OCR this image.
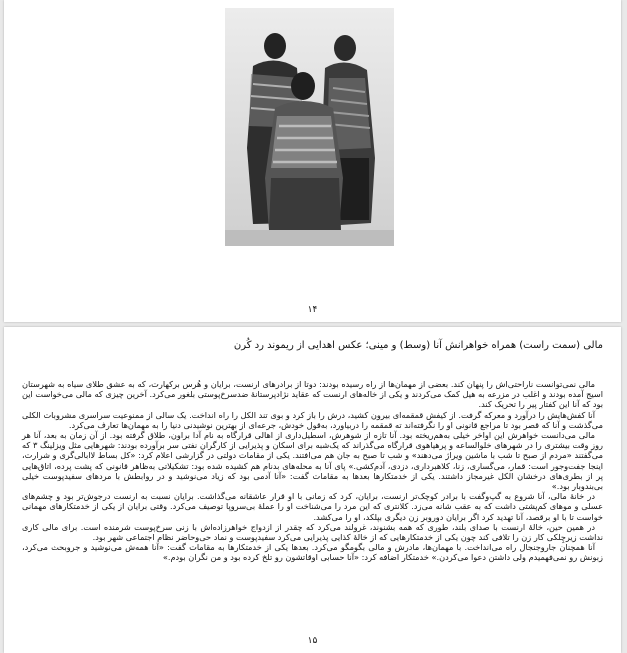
۱۴
مالی (سمت راست) همراه خواهرانش آنا (وسط) و مینی؛ عکس اهدایی از ریموند رد کُرن

مالی نمی‌توانست ناراحتی‌اش را پنهان کند. بعضی از مهمان‌ها از راه رسیده بودند: دوتا از برادرهای ارنست، برایان و هُرس برکهارت، که به عشق طلای سیاه به شهرستان اسیج آمده بودند و اغلب در مزرعه به هیل کمک می‌کردند و یکی از خاله‌های ارنست که عقاید نژادپرستانهٔ ضدسرخ‌پوستی بلغور می‌کرد. آخرین چیزی که مالی می‌خواست این بود که آنا این کفتار پیر را تحریک کند.

آنا کفش‌هایش را درآورد و معرکه گرفت. از کیفش قمقمه‌ای بیرون کشید، درش را باز کرد و بوی تند الکل را راه انداخت. یک سالی از ممنوعیت سراسری مشروبات الکلی می‌گذشت و آنا که قصر بود تا مراجع قانونی او را نگرفته‌اند ته قمقمه را دربیاورد، به‌قول خودش، جرعه‌ای از بهترین نوشیدنی دنیا را به مهمان‌ها تعارف می‌کرد.

مالی می‌دانست خواهرش این اواخر خیلی به‌هم‌ریخته بود. آنا تازه از شوهرش، اسطیل‌داری از اهالی قرارگاه به نام آدا براون، طلاق گرفته بود. از آن زمان به بعد، آنا هر روز وقت بیشتری را در شهرهای خلوالساعه و پرهیاهوی قرارگاه می‌گذراند که یک‌شبه برای اسکان و پذیرایی از کارگران نفتی سر برآورده بودند: شهرهایی مثل ویزلینگ ۳ که می‌گفتند «مردم از صبح تا شب با ماشین ویراژ می‌دهند» و شب تا صبح به جان هم می‌افتند. یکی از مقامات دولتی در گزارشی اعلام کرد: «کل بساط لاابالی‌گری و شرارت، اینجا جفت‌وجور است: قمار، می‌گساری، زنا، کلاهبرداری، دزدی، آدم‌کشی.» پای آنا به محله‌های بدنام هم کشیده شده بود: تشکیلاتی به‌ظاهر قانونی که پشت پرده، اتاق‌هایی پر از بطری‌های درخشان الکل غیرمجاز داشتند. یکی از خدمتکارها بعدها به مقامات گفت: «آنا آدمی بود که زیاد می‌نوشید و در روابطش با مردهای سفیدپوست خیلی بی‌بندوبار بود.»

در خانهٔ مالی، آنا شروع به گپ‌وگفت با برادر کوچک‌تر ارنست، برایان، کرد که زمانی با او قرار عاشقانه می‌گذاشت. برایان نسبت به ارنست درجوش‌تر بود و چشم‌های عسلی و موهای کم‌پشتی داشت که به عقب شانه می‌زد. کلانتری که این مرد را می‌شناخت او را عملهٔ بی‌سروپا توصیف می‌کرد. وقتی برایان از یکی از خدمتکارهای مهمانی خواست تا با او برقصد، آنا تهدید کرد اگر برایان دوروبر زن دیگری بپلکد، او را می‌کشد.

در همین حین، خالهٔ ارنست با صدای بلند، طوری که همه بشنوند، غرولند می‌کرد که چقدر از ازدواج خواهرزاده‌اش با زنی سرخ‌پوست شرمنده است. برای مالی کاری نداشت زیرچِلکی کار زن را تلافی کند چون یکی از خدمتکارهایی که از خالهٔ کذایی پذیرایی می‌کرد سفیدپوست و نماد حی‌وحاضر نظام اجتماعی شهر بود.

آنا همچنان جاروجنجال راه می‌انداخت. با مهمان‌ها، مادرش و مالی بگومگو می‌کرد. بعدها یکی از خدمتکارها به مقامات گفت: «آنا همه‌ش می‌نوشید و جروبحث می‌کرد، زبونش رو نمی‌فهمیدم ولی داشتن دعوا می‌کردن.» خدمتکار اضافه کرد: «آنا حسابی اوقاتشون رو تلخ کرده بود و من نگران بودم.»

۱۵
